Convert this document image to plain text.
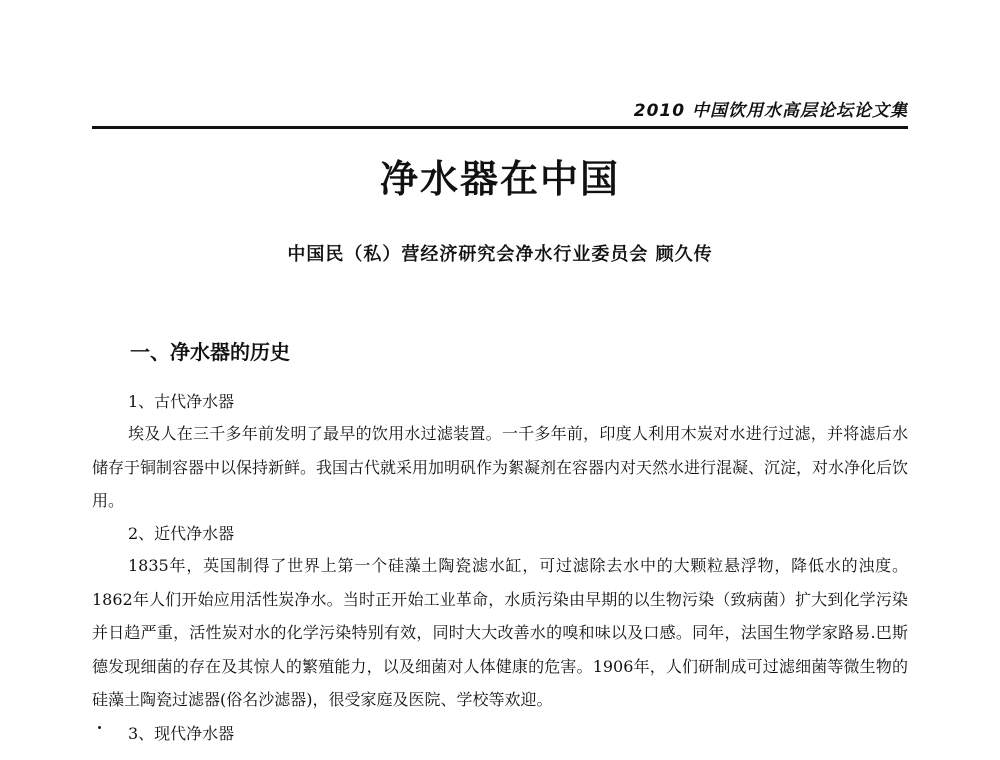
2010 中国饮用水高层论坛论文集
净水器在中国
中国民（私）营经济研究会净水行业委员会 顾久传
一、净水器的历史
1、古代净水器

埃及人在三千多年前发明了最早的饮用水过滤装置。一千多年前，印度人利用木炭对水进行过滤，并将滤后水储存于铜制容器中以保持新鲜。我国古代就采用加明矾作为絮凝剂在容器内对天然水进行混凝、沉淀，对水净化后饮用。

2、近代净水器

1835年，英国制得了世界上第一个硅藻土陶瓷滤水缸，可过滤除去水中的大颗粒悬浮物，降低水的浊度。1862年人们开始应用活性炭净水。当时正开始工业革命，水质污染由早期的以生物污染（致病菌）扩大到化学污染并日趋严重，活性炭对水的化学污染特别有效，同时大大改善水的嗅和味以及口感。同年，法国生物学家路易.巴斯德发现细菌的存在及其惊人的繁殖能力，以及细菌对人体健康的危害。1906年，人们研制成可过滤细菌等微生物的硅藻土陶瓷过滤器(俗名沙滤器)，很受家庭及医院、学校等欢迎。

3、现代净水器
